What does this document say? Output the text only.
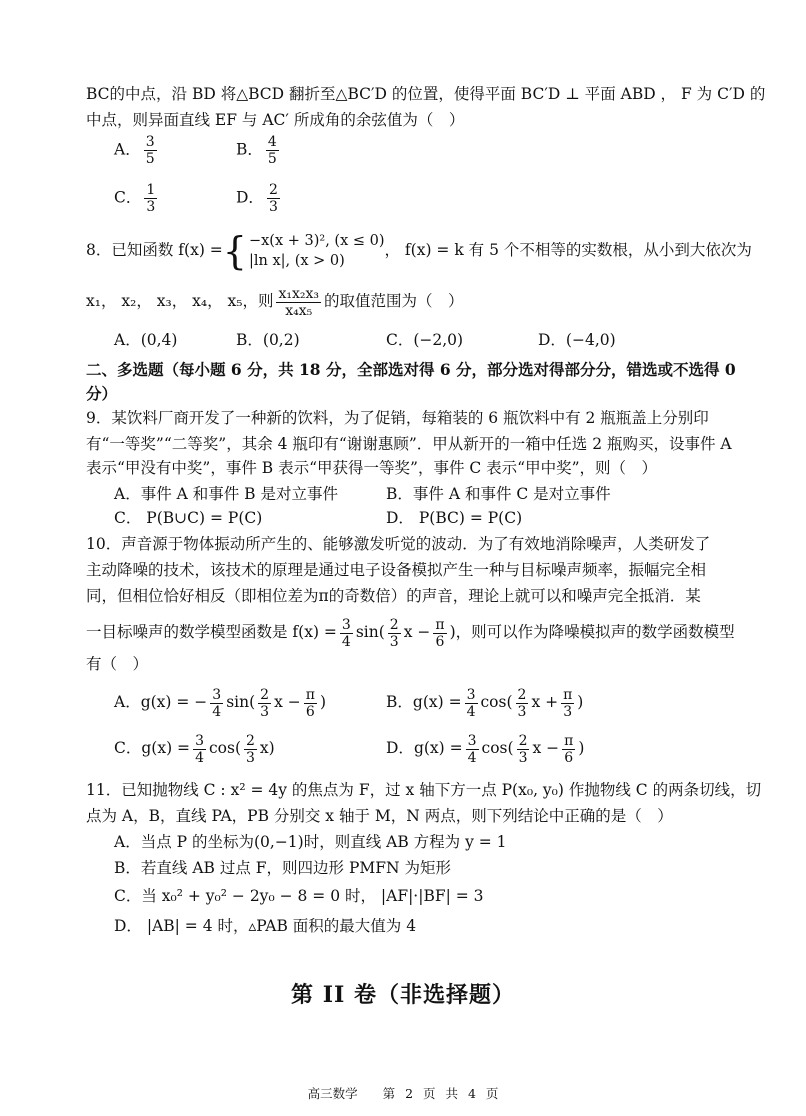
BC的中点，沿 BD 将△BCD 翻折至△BC′D 的位置，使得平面 BC′D ⊥ 平面 ABD ， F 为 C′D 的
中点，则异面直线 EF 与 AC′ 所成角的余弦值为（　）
A． $\frac{3}{5}$	B． $\frac{4}{5}$
C． $\frac{1}{3}$	D． $\frac{2}{3}$
8．已知函数 f(x) ={ −x(x + 3)², (x ≤ 0)
|ln x|, (x > 0)
， f(x) = k 有 5 个不相等的实数根，从小到大依次为
x₁， x₂， x₃， x₄， x₅，则 $\frac{\text{x₁x₂x₃}}{\text{x₄x₅}}$ 的取值范围为（　）
A．(0,4)	B．(0,2)	C．(−2,0)	D．(−4,0)
二、多选题（每小题 6 分，共 18 分，全部选对得 6 分，部分选对得部分分，错选或不选得 0
分）
9．某饮料厂商开发了一种新的饮料，为了促销，每箱装的 6 瓶饮料中有 2 瓶瓶盖上分别印
有“一等奖”“二等奖”，其余 4 瓶印有“谢谢惠顾”．甲从新开的一箱中任选 2 瓶购买，设事件 A
表示“甲没有中奖”，事件 B 表示“甲获得一等奖”，事件 C 表示“甲中奖”，则（　）
A．事件 A 和事件 B 是对立事件	B．事件 A 和事件 C 是对立事件
C． P(B∪C) = P(C)	D． P(BC) = P(C)
10．声音源于物体振动所产生的、能够激发听觉的波动．为了有效地消除噪声，人类研发了
主动降噪的技术，该技术的原理是通过电子设备模拟产生一种与目标噪声频率，振幅完全相
同，但相位恰好相反（即相位差为π的奇数倍）的声音，理论上就可以和噪声完全抵消．某
一目标噪声的数学模型函数是 $f(x) = \frac{3}{4} \sin( \frac{2}{3}$ $x - \frac{\pi}{6}$ )，则可以作为降噪模拟声的数学函数模型
有（　）
A．g(x) = − $\frac{3}{4} \sin( \frac{2}{3}$ $x - \frac{\pi}{6}$ )	B．$g(x) = \frac{3}{4} \cos( \frac{2}{3}$ $x + \frac{\pi}{3}$ )
C．$g(x) = \frac{3}{4} \cos( \frac{2}{3} x)$	D．$g(x) = \frac{3}{4} \cos( \frac{2}{3}$ $x - \frac{\pi}{6}$ )
11．已知抛物线 C : x² = 4y 的焦点为 F，过 x 轴下方一点 P(x₀, y₀) 作抛物线 C 的两条切线，切
点为 A，B，直线 PA，PB 分别交 x 轴于 M，N 两点，则下列结论中正确的是（　）
A．当点 P 的坐标为(0,−1)时，则直线 AB 方程为 y = 1
B．若直线 AB 过点 F，则四边形 PMFN 为矩形
C．当 x₀² + y₀² − 2y₀ − 8 = 0 时， |AF|·|BF| = 3
D． |AB| = 4 时，▵PAB 面积的最大值为 4
第 II 卷（非选择题）
高三数学　　第 2 页 共 4 页
